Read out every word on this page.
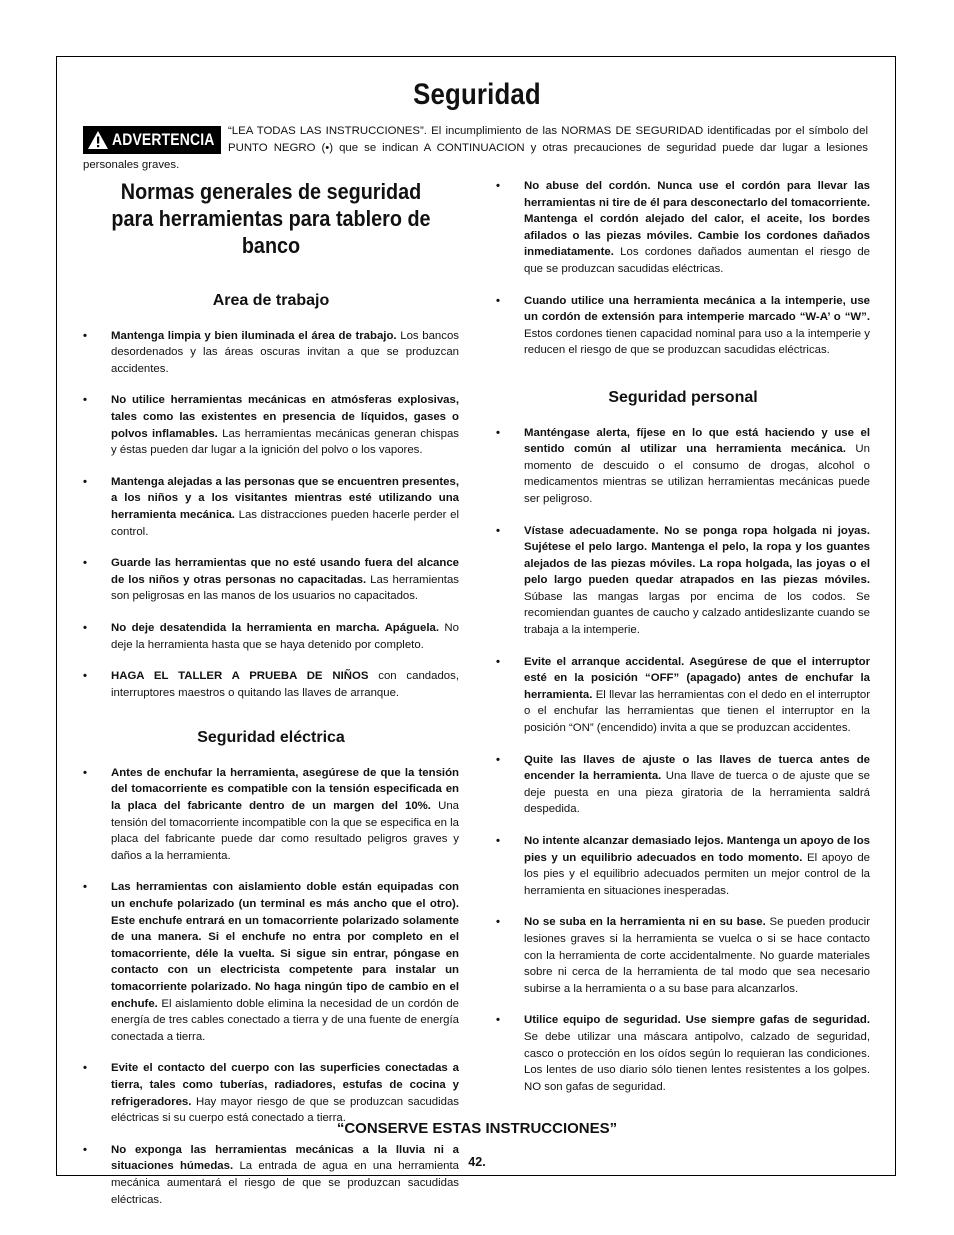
Seguridad
ADVERTENCIA	“LEA TODAS LAS INSTRUCCIONES”. El incumplimiento de las NORMAS DE SEGURIDAD identificadas por el símbolo del PUNTO NEGRO (•) que se indican A CONTINUACION y otras precauciones de seguridad puede dar lugar a lesiones personales graves.
Normas generales de seguridad para herramientas para tablero de banco
Area de trabajo
• Mantenga limpia y bien iluminada el área de trabajo. Los bancos desordenados y las áreas oscuras invitan a que se produzcan accidentes.
• No utilice herramientas mecánicas en atmósferas explosivas, tales como las existentes en presencia de líquidos, gases o polvos inflamables. Las herramientas mecánicas generan chispas y éstas pueden dar lugar a la ignición del polvo o los vapores.
• Mantenga alejadas a las personas que se encuentren presentes, a los niños y a los visitantes mientras esté utilizando una herramienta mecánica. Las distracciones pueden hacerle perder el control.
• Guarde las herramientas que no esté usando fuera del alcance de los niños y otras personas no capacitadas. Las herramientas son peligrosas en las manos de los usuarios no capacitados.
• No deje desatendida la herramienta en marcha. Apáguela. No deje la herramienta hasta que se haya detenido por completo.
• HAGA EL TALLER A PRUEBA DE NIÑOS con candados, interruptores maestros o quitando las llaves de arranque.
Seguridad eléctrica
• Antes de enchufar la herramienta, asegúrese de que la tensión del tomacorriente es compatible con la tensión especificada en la placa del fabricante dentro de un margen del 10%. Una tensión del tomacorriente incompatible con la que se especifica en la placa del fabricante puede dar como resultado peligros graves y daños a la herramienta.
• Las herramientas con aislamiento doble están equipadas con un enchufe polarizado (un terminal es más ancho que el otro). Este enchufe entrará en un tomacorriente polarizado solamente de una manera. Si el enchufe no entra por completo en el tomacorriente, déle la vuelta. Si sigue sin entrar, póngase en contacto con un electricista competente para instalar un tomacorriente polarizado. No haga ningún tipo de cambio en el enchufe. El aislamiento doble elimina la necesidad de un cordón de energía de tres cables conectado a tierra y de una fuente de energía conectada a tierra.
• Evite el contacto del cuerpo con las superficies conectadas a tierra, tales como tuberías, radiadores, estufas de cocina y refrigeradores. Hay mayor riesgo de que se produzcan sacudidas eléctricas si su cuerpo está conectado a tierra.
• No exponga las herramientas mecánicas a la lluvia ni a situaciones húmedas. La entrada de agua en una herramienta mecánica aumentará el riesgo de que se produzcan sacudidas eléctricas.
• No abuse del cordón. Nunca use el cordón para llevar las herramientas ni tire de él para desconectarlo del tomacorriente. Mantenga el cordón alejado del calor, el aceite, los bordes afilados o las piezas móviles. Cambie los cordones dañados inmediatamente. Los cordones dañados aumentan el riesgo de que se produzcan sacudidas eléctricas.
• Cuando utilice una herramienta mecánica a la intemperie, use un cordón de extensión para intemperie marcado “W-A’ o “W”. Estos cordones tienen capacidad nominal para uso a la intemperie y reducen el riesgo de que se produzcan sacudidas eléctricas.
Seguridad personal
• Manténgase alerta, fíjese en lo que está haciendo y use el sentido común al utilizar una herramienta mecánica. Un momento de descuido o el consumo de drogas, alcohol o medicamentos mientras se utilizan herramientas mecánicas puede ser peligroso.
• Vístase adecuadamente. No se ponga ropa holgada ni joyas. Sujétese el pelo largo. Mantenga el pelo, la ropa y los guantes alejados de las piezas móviles. La ropa holgada, las joyas o el pelo largo pueden quedar atrapados en las piezas móviles. Súbase las mangas largas por encima de los codos. Se recomiendan guantes de caucho y calzado antideslizante cuando se trabaja a la intemperie.
• Evite el arranque accidental. Asegúrese de que el interruptor esté en la posición “OFF” (apagado) antes de enchufar la herramienta. El llevar las herramientas con el dedo en el interruptor o el enchufar las herramientas que tienen el interruptor en la posición “ON” (encendido) invita a que se produzcan accidentes.
• Quite las llaves de ajuste o las llaves de tuerca antes de encender la herramienta. Una llave de tuerca o de ajuste que se deje puesta en una pieza giratoria de la herramienta saldrá despedida.
• No intente alcanzar demasiado lejos. Mantenga un apoyo de los pies y un equilibrio adecuados en todo momento. El apoyo de los pies y el equilibrio adecuados permiten un mejor control de la herramienta en situaciones inesperadas.
• No se suba en la herramienta ni en su base. Se pueden producir lesiones graves si la herramienta se vuelca o si se hace contacto con la herramienta de corte accidentalmente. No guarde materiales sobre ni cerca de la herramienta de tal modo que sea necesario subirse a la herramienta o a su base para alcanzarlos.
• Utilice equipo de seguridad. Use siempre gafas de seguridad. Se debe utilizar una máscara antipolvo, calzado de seguridad, casco o protección en los oídos según lo requieran las condiciones. Los lentes de uso diario sólo tienen lentes resistentes a los golpes. NO son gafas de seguridad.
“CONSERVE ESTAS INSTRUCCIONES”
42.
